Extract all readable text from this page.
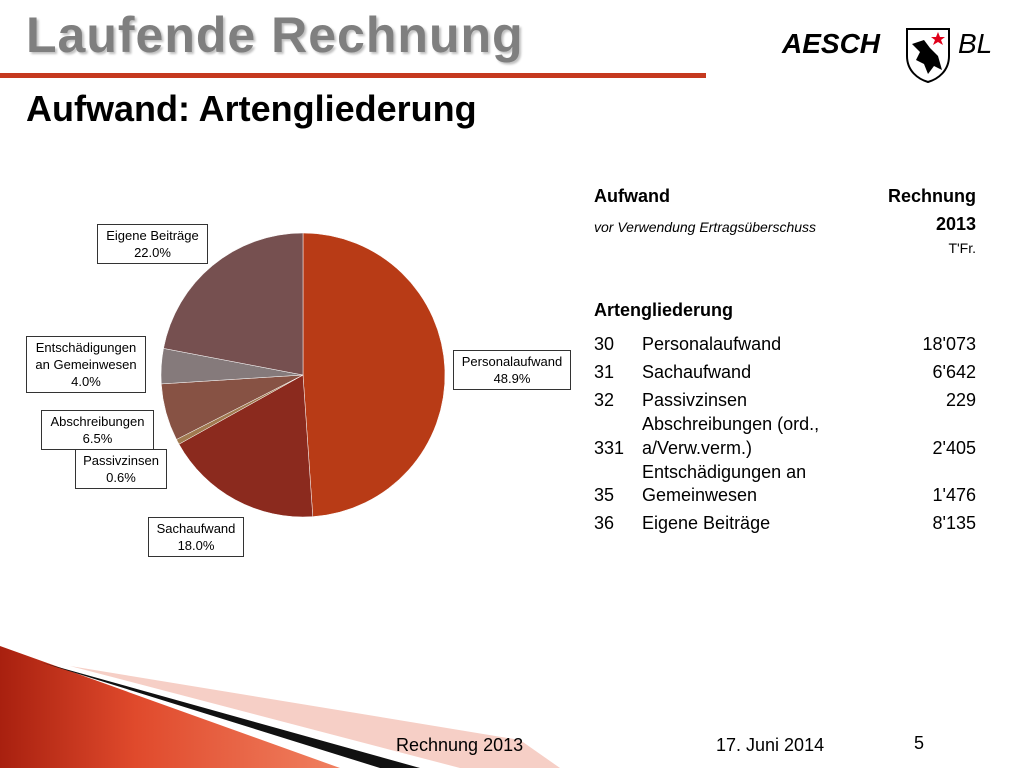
Laufende Rechnung
Aufwand: Artengliederung
AESCH	BL
Personalaufwand
48.9%
Sachaufwand
18.0%
Passivzinsen
0.6%
Abschreibungen
6.5%
Entschädigungen
an Gemeinwesen
4.0%
Eigene Beiträge
22.0%
Aufwand	Rechnung
vor Verwendung Ertragsüberschuss	2013
T'Fr.
Artengliederung
30 Personalaufwand	18'073
31 Sachaufwand	6'642
32 Passivzinsen	229
Abschreibungen (ord.,
331 a/Verw.verm.)	2'405
Entschädigungen an
35 Gemeinwesen	1'476
36 Eigene Beiträge	8'135
Rechnung 2013	17. Juni 2014	5
